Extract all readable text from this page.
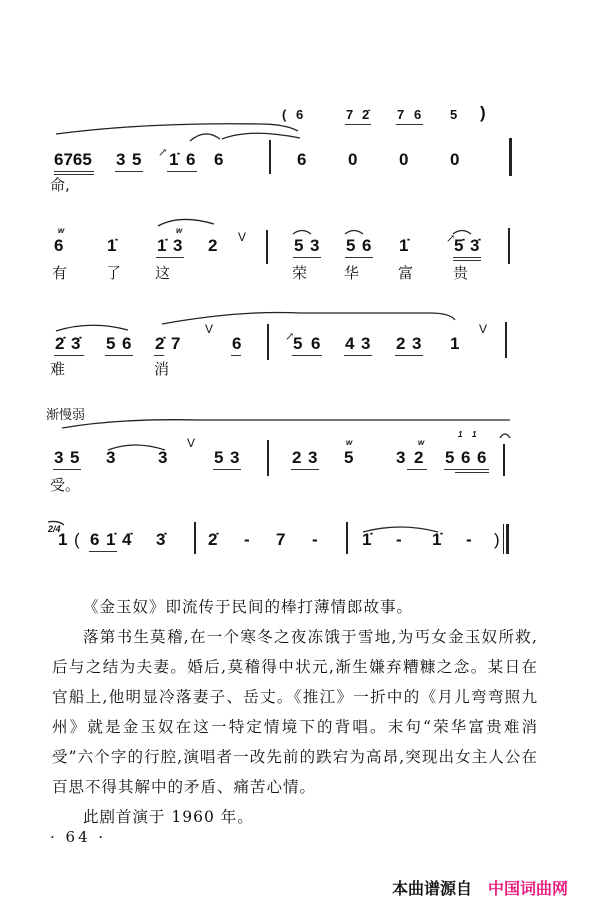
( 6	7 2̇ 7 6 5 )
6765 3 5 ↗ 1̇ 6 6	6 0 0 0
命,
w
6	1̇ 1̇
w
3 2 V	5 3 5 6 1̇	↗
5̇ 3̇
有	了 这	荣 华	富	贵
2̇ 3̇ 5 6 2̇ 7
V
6	↗
5 6 4 3 2 3 1
V
难	消
渐慢弱
3 5 3	3
V
5 3	2 3
w
5
w
3 2
1 1
5 6 6
受。
2/4
1 ( 6 1̇ 4̇ 3̇	2̇ - 7 -	1̇ - 1̇ - )

《金玉奴》即流传于民间的棒打薄情郎故事。

落第书生莫稽,在一个寒冬之夜冻饿于雪地,为丐女金玉奴所救,后与之结为夫妻。婚后,莫稽得中状元,渐生嫌弃糟糠之念。某日在官船上,他明显冷落妻子、岳丈。《推江》一折中的《月儿弯弯照九州》就是金玉奴在这一特定情境下的背唱。末句“荣华富贵难消受”六个字的行腔,演唱者一改先前的跌宕为高昂,突现出女主人公在百思不得其解中的矛盾、痛苦心情。

此剧首演于 1960 年。

· 64 ·
本曲谱源自 中国词曲网
